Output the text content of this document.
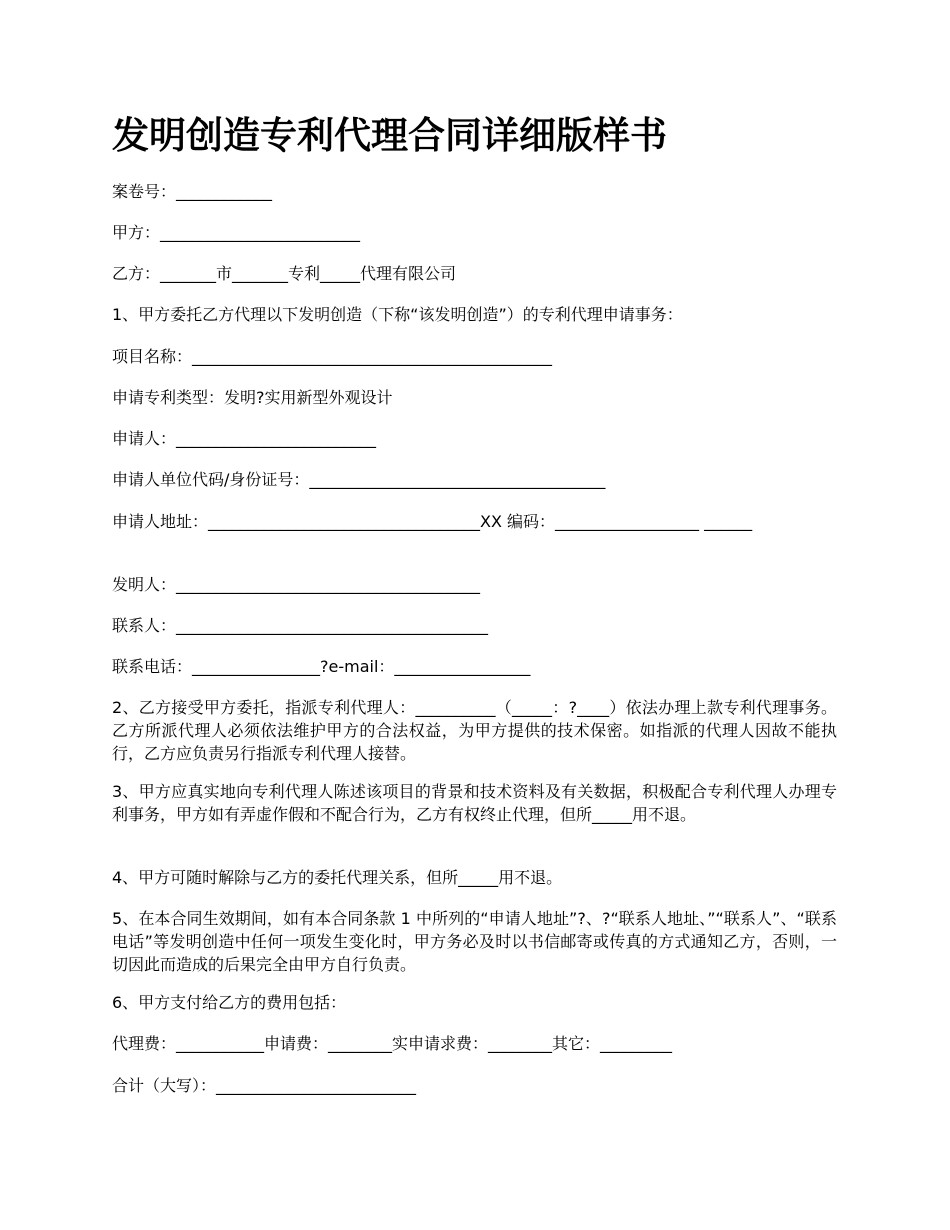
发明创造专利代理合同详细版样书
案卷号：____________
甲方：_________________________
乙方：_______市_______专利_____代理有限公司
1、甲方委托乙方代理以下发明创造（下称“该发明创造”）的专利代理申请事务：
项目名称：_____________________________________________
申请专利类型：发明?实用新型外观设计
申请人：_________________________
申请人单位代码/身份证号：_____________________________________
申请人地址：__________________________________XX 编码：__________________ ______
发明人：______________________________________
联系人：_______________________________________
联系电话：________________?e-mail：_________________
2、乙方接受甲方委托，指派专利代理人：__________（_____：?____）依法办理上款专利代理事务。乙方所派代理人必须依法维护甲方的合法权益，为甲方提供的技术保密。如指派的代理人因故不能执行，乙方应负责另行指派专利代理人接替。
3、甲方应真实地向专利代理人陈述该项目的背景和技术资料及有关数据，积极配合专利代理人办理专利事务，甲方如有弄虚作假和不配合行为，乙方有权终止代理，但所_____用不退。
4、甲方可随时解除与乙方的委托代理关系，但所_____用不退。
5、在本合同生效期间，如有本合同条款 1 中所列的“申请人地址”?、?“联系人地址、”“联系人”、“联系电话”等发明创造中任何一项发生变化时，甲方务必及时以书信邮寄或传真的方式通知乙方，否则，一切因此而造成的后果完全由甲方自行负责。
6、甲方支付给乙方的费用包括：
代理费：___________申请费：________实申请求费：________其它：_________
合计（大写）：_________________________
